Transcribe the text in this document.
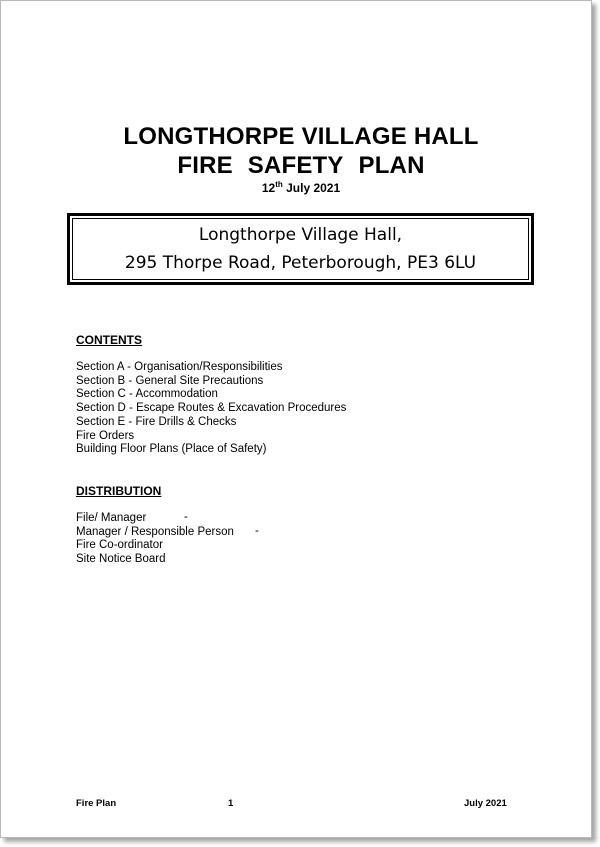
LONGTHORPE VILLAGE HALL
FIRE SAFETY PLAN
12th July 2021
Longthorpe Village Hall,
295 Thorpe Road, Peterborough, PE3 6LU
CONTENTS
Section A - Organisation/Responsibilities
Section B - General Site Precautions
Section C - Accommodation
Section D - Escape Routes & Excavation Procedures
Section E - Fire Drills & Checks
Fire Orders
Building Floor Plans (Place of Safety)
DISTRIBUTION
File/ Manager
Manager / Responsible Person
Fire Co-ordinator
Site Notice Board
-
-
Fire Plan	1	July 2021
